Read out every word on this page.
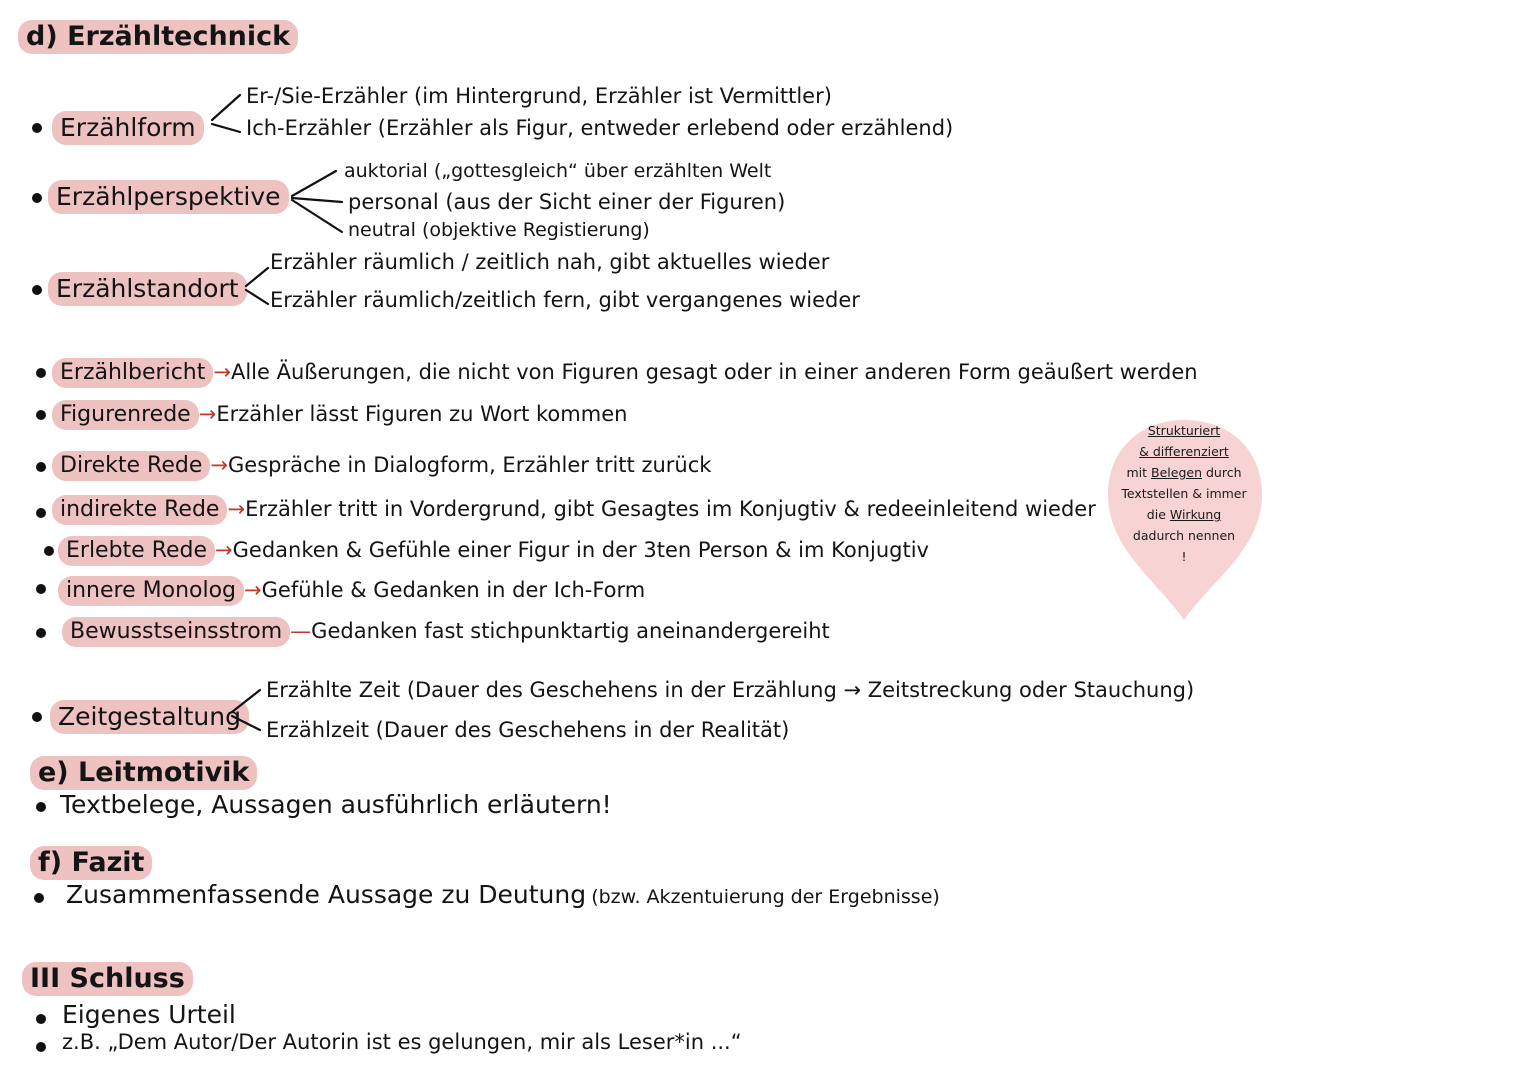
d) Erzähltechnick
Erzählform
Er-/Sie-Erzähler (im Hintergrund, Erzähler ist Vermittler)
Ich-Erzähler (Erzähler als Figur, entweder erlebend oder erzählend)
Erzählperspektive
auktorial („gottesgleich“ über erzählten Welt
personal (aus der Sicht einer der Figuren)
neutral (objektive Registierung)
Erzählstandort
Erzähler räumlich / zeitlich nah, gibt aktuelles wieder
Erzähler räumlich/zeitlich fern, gibt vergangenes wieder
Erzählbericht →Alle Äußerungen, die nicht von Figuren gesagt oder in einer anderen Form geäußert werden
Figurenrede →Erzähler lässt Figuren zu Wort kommen
Direkte Rede →Gespräche in Dialogform, Erzähler tritt zurück
indirekte Rede →Erzähler tritt in Vordergrund, gibt Gesagtes im Konjugtiv & redeeinleitend wieder
Erlebte Rede →Gedanken & Gefühle einer Figur in der 3ten Person & im Konjugtiv
innere Monolog →Gefühle & Gedanken in der Ich-Form
Bewusstseinsstrom —Gedanken fast stichpunktartig aneinandergereiht
Strukturiert
& differenziert
mit Belegen durch
Textstellen & immer
die Wirkung
dadurch nennen
!
Zeitgestaltung
Erzählte Zeit (Dauer des Geschehens in der Erzählung → Zeitstreckung oder Stauchung)
Erzählzeit (Dauer des Geschehens in der Realität)
e) Leitmotivik
Textbelege, Aussagen ausführlich erläutern!
f) Fazit
Zusammenfassende Aussage zu Deutung (bzw. Akzentuierung der Ergebnisse)
III Schluss
Eigenes Urteil
z.B. „Dem Autor/Der Autorin ist es gelungen, mir als Leser*in ...“
